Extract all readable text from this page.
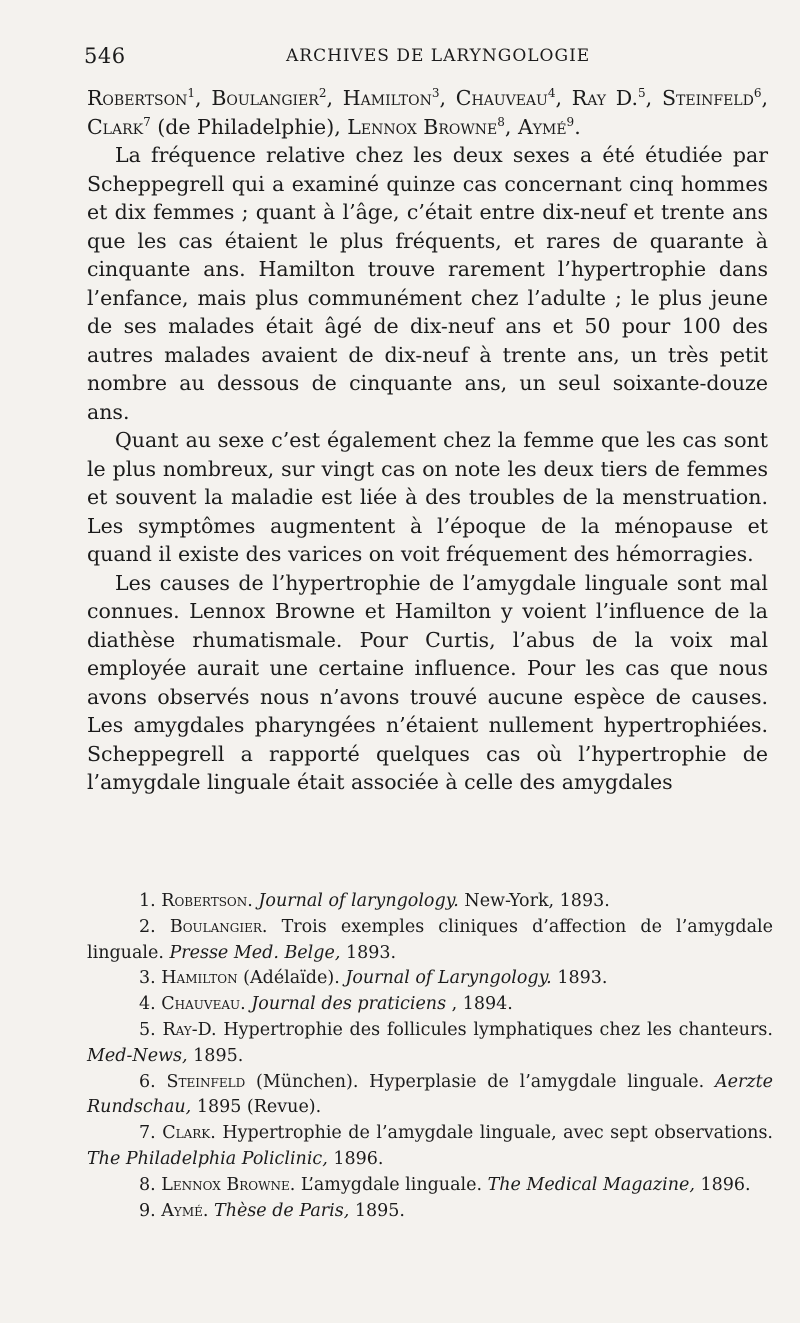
546	ARCHIVES DE LARYNGOLOGIE

Robertson$^1$, Boulangier$^2$, Hamilton$^3$, Chauveau$^4$, Ray D.$^5$, Steinfeld$^6$, Clark$^7$ (de Philadelphie), Lennox Browne$^8$, Aymé$^9$.

La fréquence relative chez les deux sexes a été étudiée par Scheppegrell qui a examiné quinze cas concernant cinq hommes et dix femmes ; quant à l’âge, c’était entre dix-neuf et trente ans que les cas étaient le plus fréquents, et rares de quarante à cinquante ans. Hamilton trouve rarement l’hypertrophie dans l’enfance, mais plus communément chez l’adulte ; le plus jeune de ses malades était âgé de dix-neuf ans et 50 pour 100 des autres malades avaient de dix-neuf à trente ans, un très petit nombre au dessous de cinquante ans, un seul soixante-douze ans.

Quant au sexe c’est également chez la femme que les cas sont le plus nombreux, sur vingt cas on note les deux tiers de femmes et souvent la maladie est liée à des troubles de la menstruation. Les symptômes augmentent à l’époque de la ménopause et quand il existe des varices on voit fréquement des hémorragies.

Les causes de l’hypertrophie de l’amygdale linguale sont mal connues. Lennox Browne et Hamilton y voient l’influence de la diathèse rhumatismale. Pour Curtis, l’abus de la voix mal employée aurait une certaine influence. Pour les cas que nous avons observés nous n’avons trouvé aucune espèce de causes. Les amygdales pharyngées n’étaient nullement hypertrophiées. Scheppegrell a rapporté quelques cas où l’hypertrophie de l’amygdale linguale était associée à celle des amygdales

1. Robertson. Journal of laryngology. New-York, 1893.

2. Boulangier. Trois exemples cliniques d’affection de l’amygdale linguale. Presse Med. Belge, 1893.

3. Hamilton (Adélaïde). Journal of Laryngology. 1893.

4. Chauveau. Journal des praticiens , 1894.

5. Ray-D. Hypertrophie des follicules lymphatiques chez les chanteurs. Med-News, 1895.

6. Steinfeld (München). Hyperplasie de l’amygdale linguale. Aerzte Rundschau, 1895 (Revue).

7. Clark. Hypertrophie de l’amygdale linguale, avec sept observations. The Philadelphia Policlinic, 1896.

8. Lennox Browne. L’amygdale linguale. The Medical Magazine, 1896.

9. Aymé. Thèse de Paris, 1895.
